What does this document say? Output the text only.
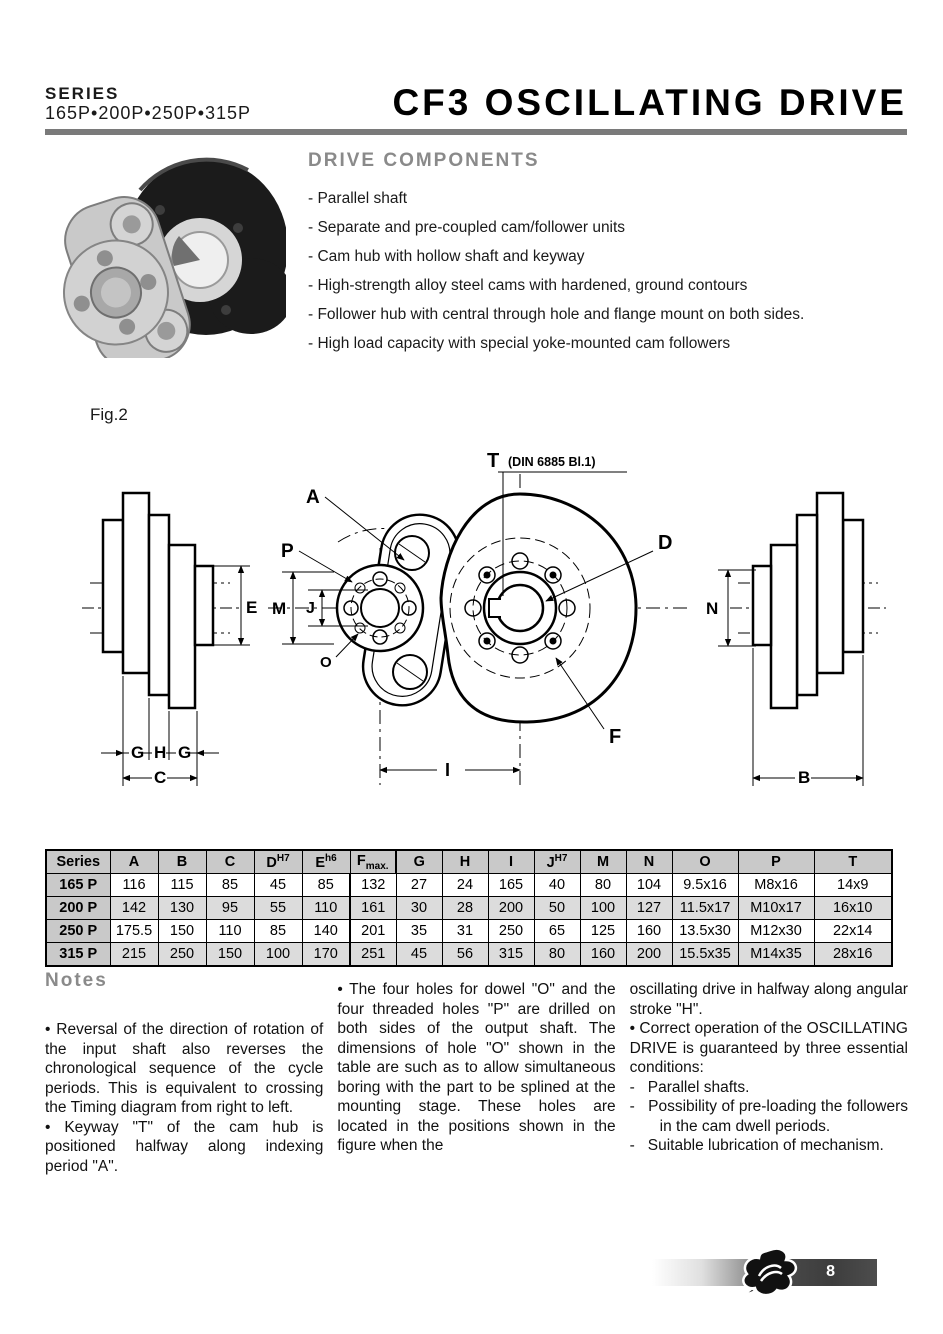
SERIES
165P•200P•250P•315P	CF3 OSCILLATING DRIVE
DRIVE COMPONENTS
- Parallel shaft
- Separate and pre-coupled cam/follower units
- Cam hub with hollow shaft and keyway
- High-strength alloy steel cams with hardened, ground contours
- Follower hub with central through hole and flange mount on both sides.
- High load capacity with special yoke-mounted cam followers
Fig.2
E
G H G
C
A
P
M J
O
T (DIN 6885 Bl.1)
D
F
I
N
B
Series	A	B	C	$D^{H7}$	$E^{h6}$	$F_{max.}$	G	H	I	$J^{H7}$	M	N	O	P	T
165 P	116	115	85	45	85	132	27	24	165	40	80	104	9.5x16	M8x16	14x9
200 P	142	130	95	55	110	161	30	28	200	50	100	127	11.5x17	M10x17	16x10
250 P	175.5	150	110	85	140	201	35	31	250	65	125	160	13.5x30	M12x30	22x14
315 P	215	250	150	100	170	251	45	56	315	80	160	200	15.5x35	M14x35	28x16
Notes

• Reversal of the direction of rotation of the input shaft also reverses the chronological sequence of the cycle periods. This is equivalent to crossing the Timing diagram from right to left.

• Keyway "T" of the cam hub is positioned halfway along indexing period "A".

• The four holes for dowel "O" and the four threaded holes "P" are drilled on both sides of the output shaft. The dimensions of hole "O" shown in the table are such as to allow simultaneous boring with the part to be splined at the mounting stage. These holes are located in the positions shown in the figure when the

oscillating drive in halfway along angular stroke "H".

• Correct operation of the OSCILLATING DRIVE is guaranteed by three essential conditions:

-   Parallel shafts.
-   Possibility of pre-loading the followers in the cam dwell periods.
-   Suitable lubrication of mechanism.
8
